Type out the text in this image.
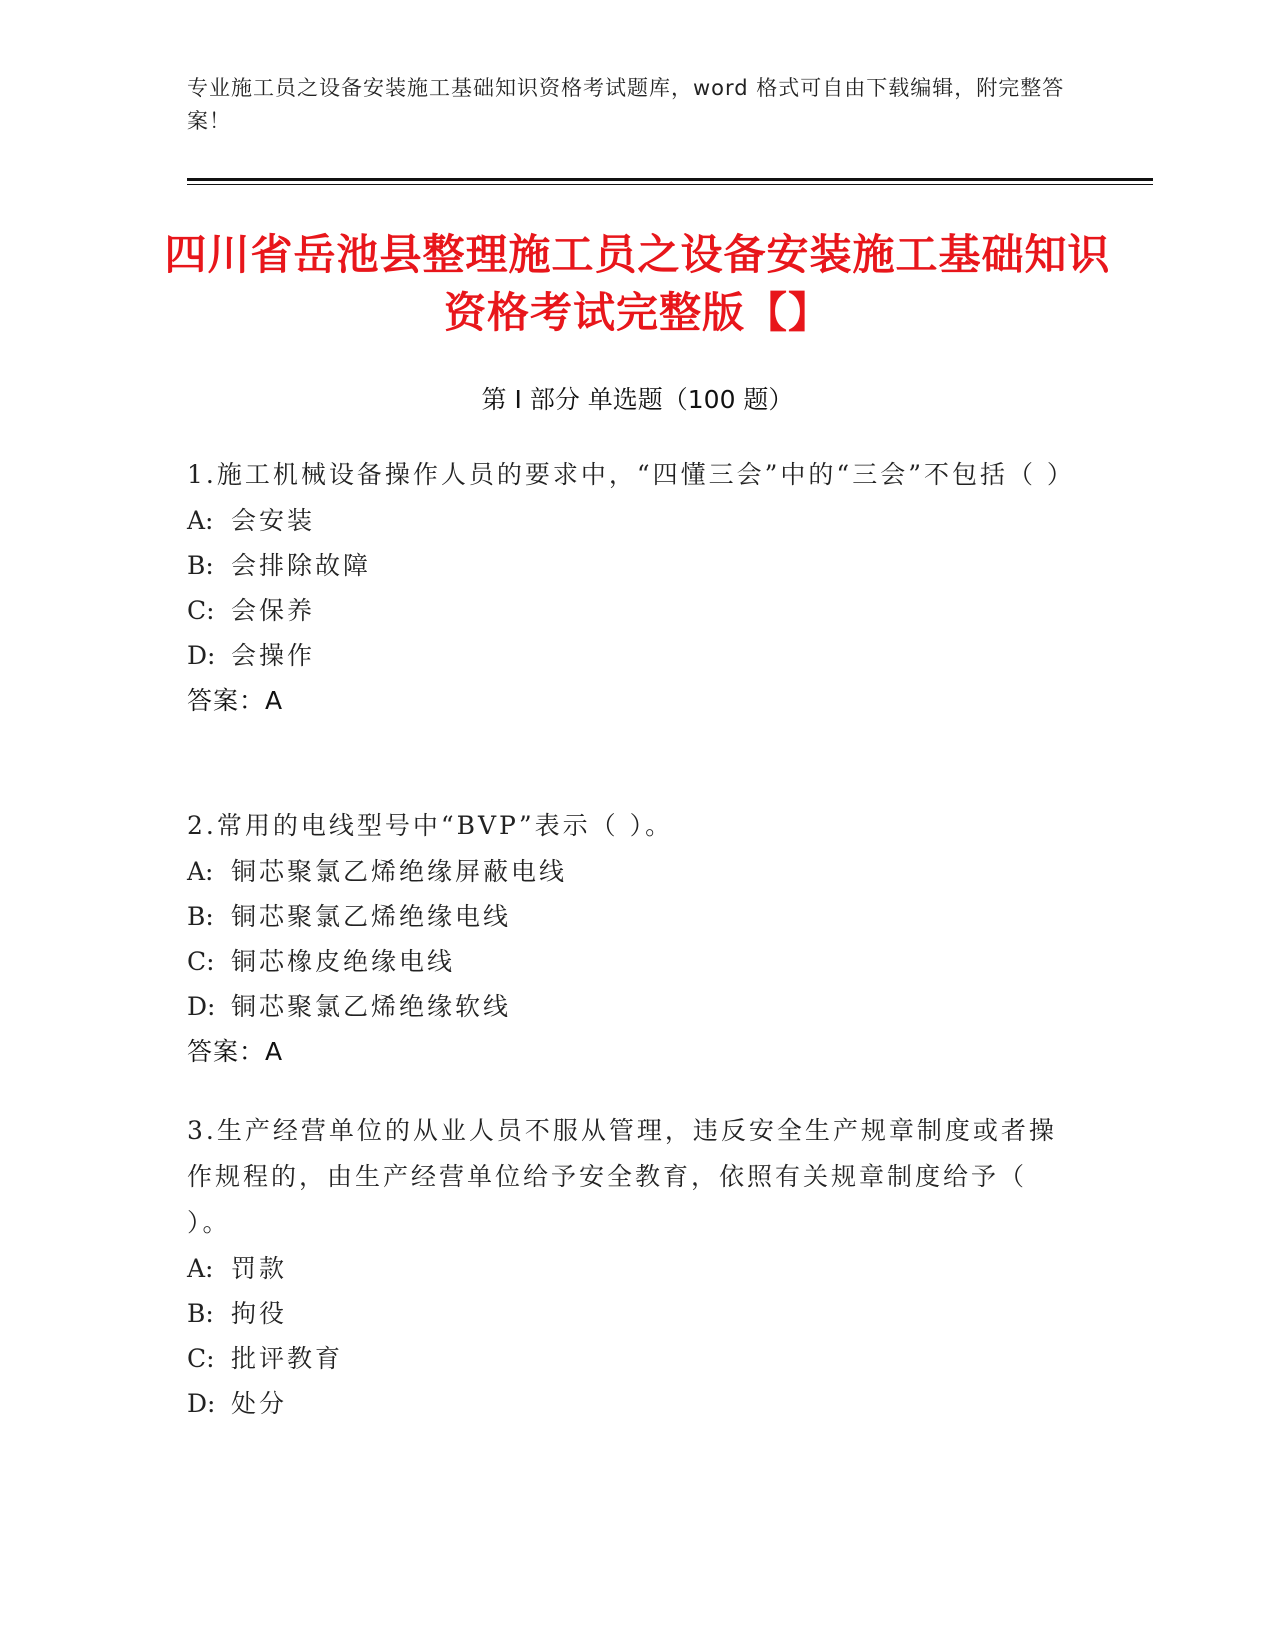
专业施工员之设备安装施工基础知识资格考试题库，word 格式可自由下载编辑，附完整答案！
四川省岳池县整理施工员之设备安装施工基础知识资格考试完整版【】
第 I 部分 单选题（100 题）
1.施工机械设备操作人员的要求中，“四懂三会”中的“三会”不包括（ ）
A: 会安装
B: 会排除故障
C: 会保养
D: 会操作
答案：A
2.常用的电线型号中“BVP”表示（ ）。
A: 铜芯聚氯乙烯绝缘屏蔽电线
B: 铜芯聚氯乙烯绝缘电线
C: 铜芯橡皮绝缘电线
D: 铜芯聚氯乙烯绝缘软线
答案：A
3.生产经营单位的从业人员不服从管理，违反安全生产规章制度或者操作规程的，由生产经营单位给予安全教育，依照有关规章制度给予（ ）。
A: 罚款
B: 拘役
C: 批评教育
D: 处分
